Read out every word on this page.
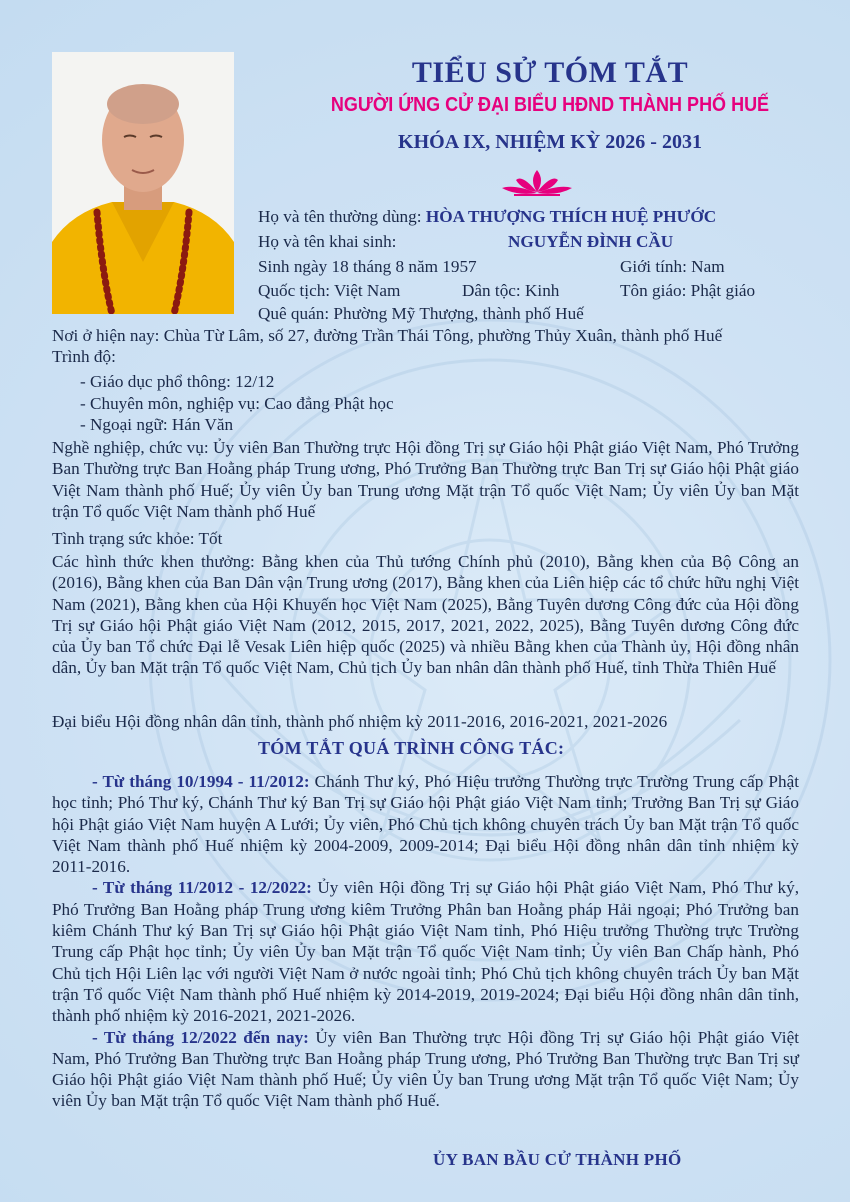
TIỂU SỬ TÓM TẮT
NGƯỜI ỨNG CỬ ĐẠI BIỂU HĐND THÀNH PHỐ HUẾ
KHÓA IX, NHIỆM KỲ 2026 - 2031
Họ và tên thường dùng: HÒA THƯỢNG THÍCH HUỆ PHƯỚC
Họ và tên khai sinh:	NGUYỄN ĐÌNH CẦU
Sinh ngày 18 tháng 8 năm 1957	Giới tính: Nam
Quốc tịch: Việt Nam	Dân tộc: Kinh	Tôn giáo: Phật giáo
Quê quán: Phường Mỹ Thượng, thành phố Huế
Nơi ở hiện nay: Chùa Từ Lâm, số 27, đường Trần Thái Tông, phường Thủy Xuân, thành phố Huế
Trình độ:
- Giáo dục phổ thông: 12/12
- Chuyên môn, nghiệp vụ: Cao đẳng Phật học
- Ngoại ngữ: Hán Văn
Nghề nghiệp, chức vụ: Ủy viên Ban Thường trực Hội đồng Trị sự Giáo hội Phật giáo Việt Nam, Phó Trưởng Ban Thường trực Ban Hoằng pháp Trung ương, Phó Trưởng Ban Thường trực Ban Trị sự Giáo hội Phật giáo Việt Nam thành phố Huế; Ủy viên Ủy ban Trung ương Mặt trận Tổ quốc Việt Nam; Ủy viên Ủy ban Mặt trận Tổ quốc Việt Nam thành phố Huế
Tình trạng sức khỏe: Tốt
Các hình thức khen thưởng: Bằng khen của Thủ tướng Chính phủ (2010), Bằng khen của Bộ Công an (2016), Bằng khen của Ban Dân vận Trung ương (2017), Bằng khen của Liên hiệp các tổ chức hữu nghị Việt Nam (2021), Bằng khen của Hội Khuyến học Việt Nam (2025), Bằng Tuyên dương Công đức của Hội đồng Trị sự Giáo hội Phật giáo Việt Nam (2012, 2015, 2017, 2021, 2022, 2025), Bằng Tuyên dương Công đức của Ủy ban Tổ chức Đại lễ Vesak Liên hiệp quốc (2025) và nhiều Bằng khen của Thành ủy, Hội đồng nhân dân, Ủy ban Mặt trận Tổ quốc Việt Nam, Chủ tịch Ủy ban nhân dân thành phố Huế, tỉnh Thừa Thiên Huế
Đại biểu Hội đồng nhân dân tỉnh, thành phố nhiệm kỳ 2011-2016, 2016-2021, 2021-2026
TÓM TẮT QUÁ TRÌNH CÔNG TÁC:

- Từ tháng 10/1994 - 11/2012: Chánh Thư ký, Phó Hiệu trưởng Thường trực Trường Trung cấp Phật học tỉnh; Phó Thư ký, Chánh Thư ký Ban Trị sự Giáo hội Phật giáo Việt Nam tỉnh; Trưởng Ban Trị sự Giáo hội Phật giáo Việt Nam huyện A Lưới; Ủy viên, Phó Chủ tịch không chuyên trách Ủy ban Mặt trận Tổ quốc Việt Nam thành phố Huế nhiệm kỳ 2004-2009, 2009-2014; Đại biểu Hội đồng nhân dân tỉnh nhiệm kỳ 2011-2016.

- Từ tháng 11/2012 - 12/2022: Ủy viên Hội đồng Trị sự Giáo hội Phật giáo Việt Nam, Phó Thư ký, Phó Trưởng Ban Hoằng pháp Trung ương kiêm Trưởng Phân ban Hoằng pháp Hải ngoại; Phó Trưởng ban kiêm Chánh Thư ký Ban Trị sự Giáo hội Phật giáo Việt Nam tỉnh, Phó Hiệu trưởng Thường trực Trường Trung cấp Phật học tỉnh; Ủy viên Ủy ban Mặt trận Tổ quốc Việt Nam tỉnh; Ủy viên Ban Chấp hành, Phó Chủ tịch Hội Liên lạc với người Việt Nam ở nước ngoài tỉnh; Phó Chủ tịch không chuyên trách Ủy ban Mặt trận Tổ quốc Việt Nam thành phố Huế nhiệm kỳ 2014-2019, 2019-2024; Đại biểu Hội đồng nhân dân tỉnh, thành phố nhiệm kỳ 2016-2021, 2021-2026.

- Từ tháng 12/2022 đến nay: Ủy viên Ban Thường trực Hội đồng Trị sự Giáo hội Phật giáo Việt Nam, Phó Trưởng Ban Thường trực Ban Hoằng pháp Trung ương, Phó Trưởng Ban Thường trực Ban Trị sự Giáo hội Phật giáo Việt Nam thành phố Huế; Ủy viên Ủy ban Trung ương Mặt trận Tổ quốc Việt Nam; Ủy viên Ủy ban Mặt trận Tổ quốc Việt Nam thành phố Huế.

ỦY BAN BẦU CỬ THÀNH PHỐ
